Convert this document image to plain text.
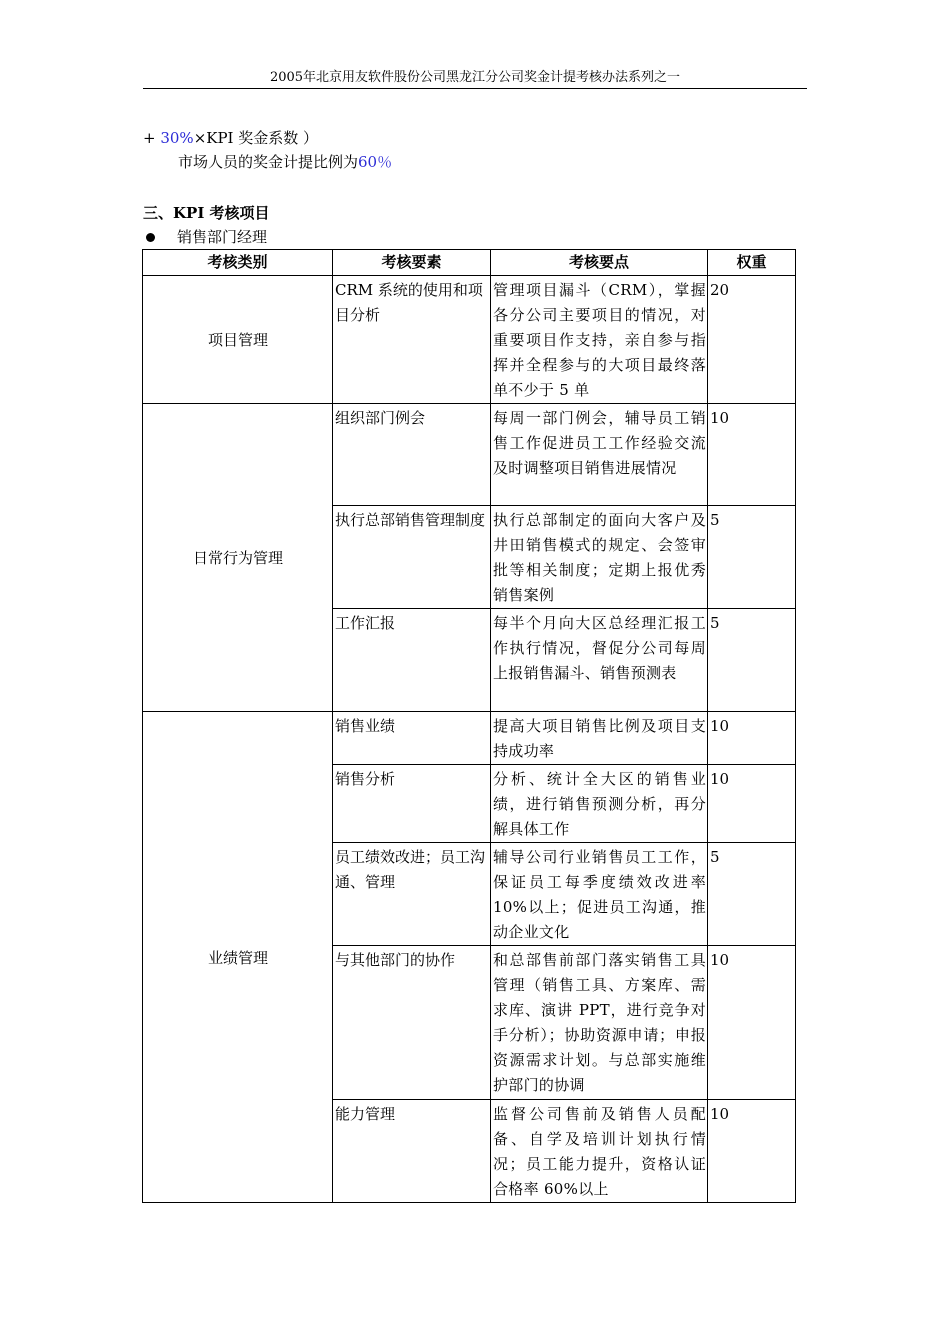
2005年北京用友软件股份公司黑龙江分公司奖金计提考核办法系列之一
+ 30%×KPI 奖金系数 ）
市场人员的奖金计提比例为60％
三、KPI 考核项目
销售部门经理
考核类别	考核要素	考核要点	权重
项目管理	CRM 系统的使用和项目分析	管理项目漏斗（CRM），掌握各分公司主要项目的情况，对重要项目作支持，亲自参与指挥并全程参与的大项目最终落单不少于 5 单	20
日常行为管理	组织部门例会	每周一部门例会，辅导员工销售工作促进员工工作经验交流及时调整项目销售进展情况	10
	执行总部销售管理制度	执行总部制定的面向大客户及井田销售模式的规定、会签审批等相关制度；定期上报优秀销售案例	5
	工作汇报	每半个月向大区总经理汇报工作执行情况，督促分公司每周上报销售漏斗、销售预测表	5
业绩管理	销售业绩	提高大项目销售比例及项目支持成功率	10
	销售分析	分析、统计全大区的销售业绩，进行销售预测分析，再分解具体工作	10
	员工绩效改进；员工沟通、管理	辅导公司行业销售员工工作，保证员工每季度绩效改进率 10%以上；促进员工沟通，推动企业文化	5
	与其他部门的协作	和总部售前部门落实销售工具管理（销售工具、方案库、需求库、演讲 PPT，进行竞争对手分析）；协助资源申请；申报资源需求计划。与总部实施维护部门的协调	10
	能力管理	监督公司售前及销售人员配备、自学及培训计划执行情况；员工能力提升，资格认证合格率 60%以上	10
